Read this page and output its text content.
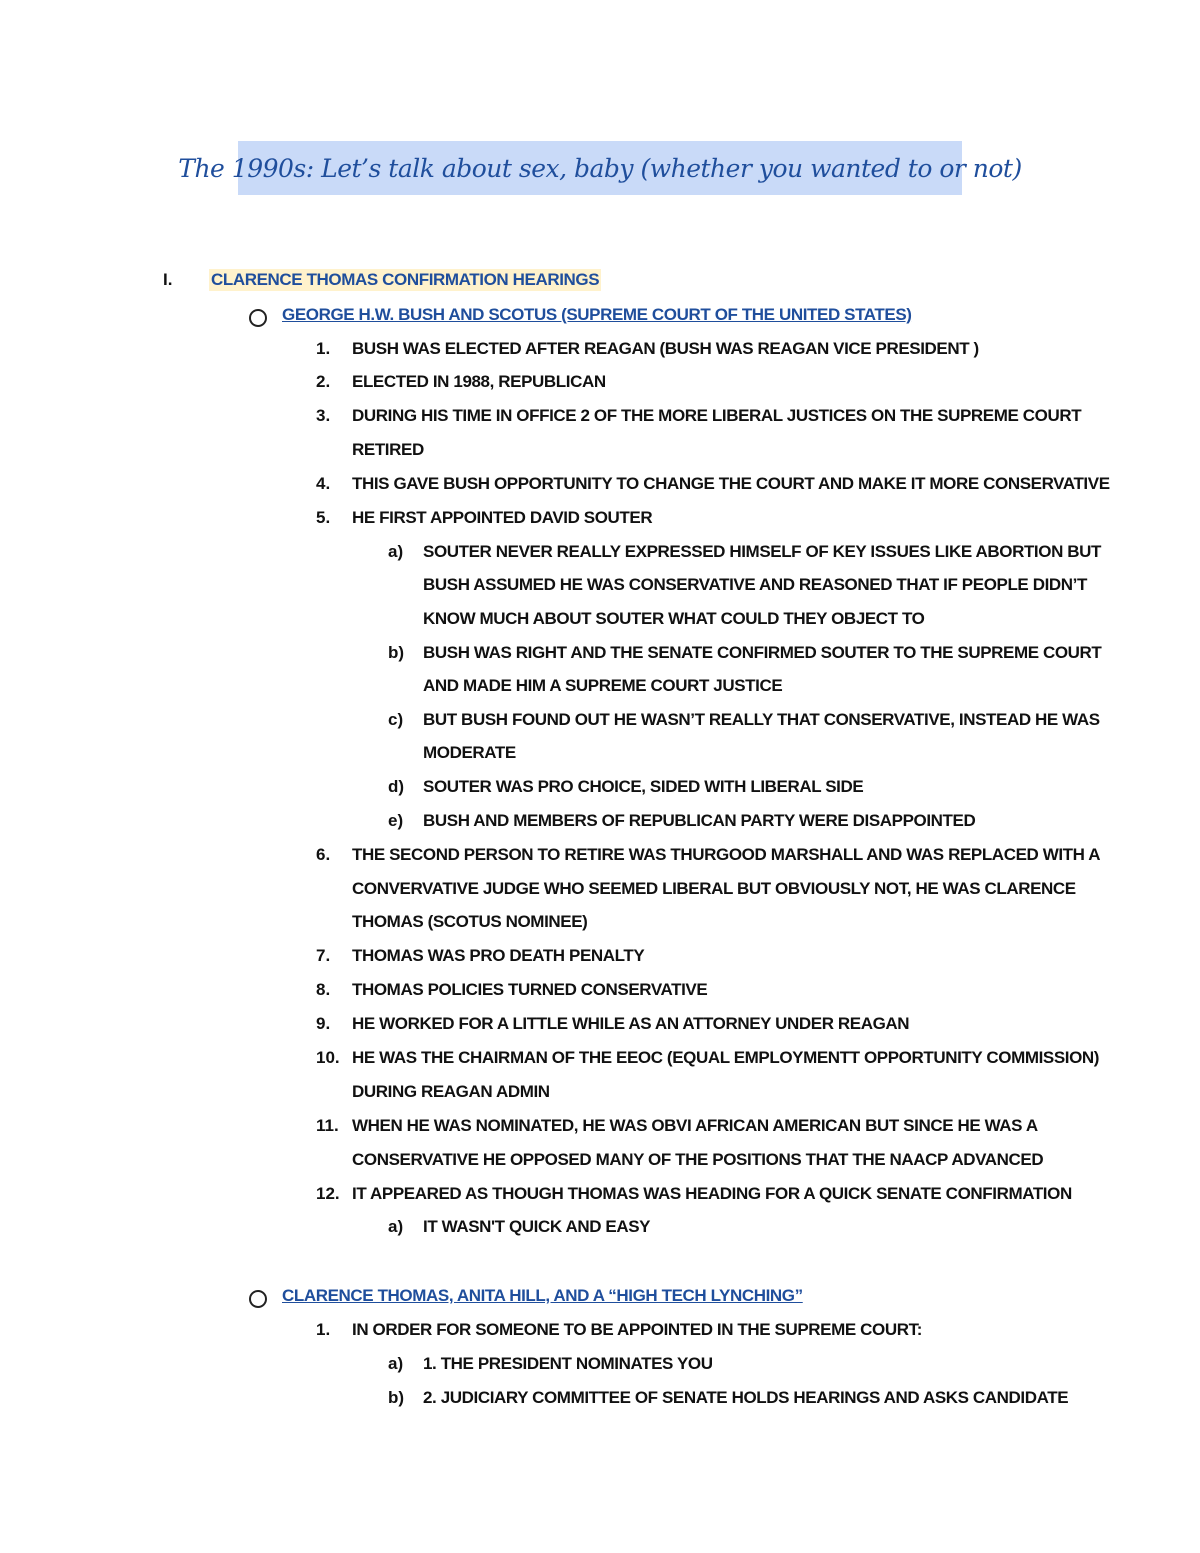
The 1990s: Let’s talk about sex, baby (whether you wanted to or not)
I. CLARENCE THOMAS CONFIRMATION HEARINGS
GEORGE H.W. BUSH AND SCOTUS (SUPREME COURT OF THE UNITED STATES)
1. BUSH WAS ELECTED AFTER REAGAN (BUSH WAS REAGAN VICE PRESIDENT )
2. ELECTED IN 1988, REPUBLICAN
3. DURING HIS TIME IN OFFICE 2 OF THE MORE LIBERAL JUSTICES ON THE SUPREME COURT
RETIRED
4. THIS GAVE BUSH OPPORTUNITY TO CHANGE THE COURT AND MAKE IT MORE CONSERVATIVE
5. HE FIRST APPOINTED DAVID SOUTER
a) SOUTER NEVER REALLY EXPRESSED HIMSELF OF KEY ISSUES LIKE ABORTION BUT
BUSH ASSUMED HE WAS CONSERVATIVE AND REASONED THAT IF PEOPLE DIDN’T
KNOW MUCH ABOUT SOUTER WHAT COULD THEY OBJECT TO
b) BUSH WAS RIGHT AND THE SENATE CONFIRMED SOUTER TO THE SUPREME COURT
AND MADE HIM A SUPREME COURT JUSTICE
c) BUT BUSH FOUND OUT HE WASN’T REALLY THAT CONSERVATIVE, INSTEAD HE WAS
MODERATE
d) SOUTER WAS PRO CHOICE, SIDED WITH LIBERAL SIDE
e) BUSH AND MEMBERS OF REPUBLICAN PARTY WERE DISAPPOINTED
6. THE SECOND PERSON TO RETIRE WAS THURGOOD MARSHALL AND WAS REPLACED WITH A
CONVERVATIVE JUDGE WHO SEEMED LIBERAL BUT OBVIOUSLY NOT, HE WAS CLARENCE
THOMAS (SCOTUS NOMINEE)
7. THOMAS WAS PRO DEATH PENALTY
8. THOMAS POLICIES TURNED CONSERVATIVE
9. HE WORKED FOR A LITTLE WHILE AS AN ATTORNEY UNDER REAGAN
10. HE WAS THE CHAIRMAN OF THE EEOC (EQUAL EMPLOYMENTT OPPORTUNITY COMMISSION)
DURING REAGAN ADMIN
11. WHEN HE WAS NOMINATED, HE WAS OBVI AFRICAN AMERICAN BUT SINCE HE WAS A
CONSERVATIVE HE OPPOSED MANY OF THE POSITIONS THAT THE NAACP ADVANCED
12. IT APPEARED AS THOUGH THOMAS WAS HEADING FOR A QUICK SENATE CONFIRMATION
a) IT WASN'T QUICK AND EASY
CLARENCE THOMAS, ANITA HILL, AND A “HIGH TECH LYNCHING”
1. IN ORDER FOR SOMEONE TO BE APPOINTED IN THE SUPREME COURT:
a) 1. THE PRESIDENT NOMINATES YOU
b) 2. JUDICIARY COMMITTEE OF SENATE HOLDS HEARINGS AND ASKS CANDIDATE
